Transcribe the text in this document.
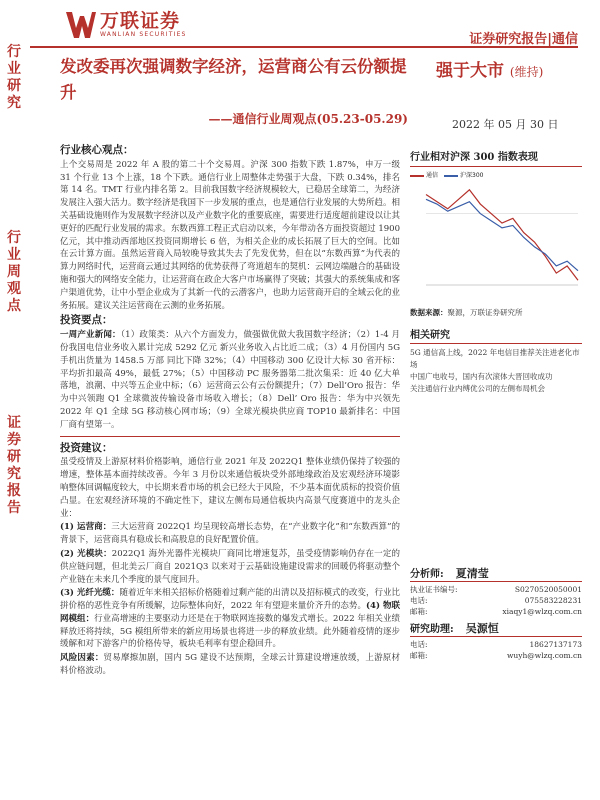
行业研究
行业周观点
证券研究报告
万联证券
WANLIAN SECURITIES	证券研究报告|通信
发改委再次强调数字经济，运营商公有云份额提升
——通信行业周观点(05.23-05.29)
强于大市 (维持)
2022 年 05 月 30 日
行业核心观点：

上个交易周是 2022 年 A 股的第二十个交易周。沪深 300 指数下跌 1.87%，申万一级 31 个行业 13 个上涨，18 个下跌。通信行业上周整体走势强于大盘，下跌 0.34%，排名第 14 名。TMT 行业内排名第 2。目前我国数字经济规模较大，已稳居全球第二，为经济发展注入强大活力。数字经济是我国下一步发展的重点，也是通信行业发展的大势所趋。相关基础设施则作为发展数字经济以及产业数字化的重要底座，需要进行适度超前建设以让其更好的匹配行业发展的需求。东数西算工程正式启动以来，今年带动各方面投资超过 1900 亿元，其中推动西部地区投资同期增长 6 倍，为相关企业的成长拓展了巨大的空间。比如在云计算方面。虽然运营商入局较晚导致其失去了先发优势，但在以“东数西算”为代表的算力网络时代，运营商云通过其网络的优势获得了弯道超车的契机：云网边端融合的基础设施和强大的网络安全能力，让运营商在政企大客户市场赢得了突破；其强大的系统集成和客户渠道优势，让中小型企业成为了其新一代的云潜客户，也助力运营商开启的全域云化的业务拓展。建议关注运营商在云测的业务拓展。

投资要点：

一周产业新闻：（1）政策类：从六个方面发力，做强做优做大我国数字经济；（2）1-4 月份我国电信业务收入累计完成 5292 亿元 新兴业务收入占比近二成；（3）4 月份国内 5G 手机出货量为 1458.5 万部 同比下降 32%；（4）中国移动 300 亿设计大标 30 省开标：平均折扣最高 49%，最低 27%；（5）中国移动 PC 服务器第二批次集采：近 40 亿大单落地，浪潮、中兴等五企业中标；（6）运营商云公有云份额提升；（7）Dell’Oro 报告：华为中兴领跑 Q1 全球微波传输设备市场收入增长；（8）Dell’ Oro 报告：华为中兴领先 2022 年 Q1 全球 5G 移动核心网市场；（9）全球光模块供应商 TOP10 最新排名：中国厂商有望第一。

投资建议：

虽受疫情及上游原材料价格影响，通信行业 2021 年及 2022Q1 整体业绩仍保持了较强的增速，整体基本面持续改善。今年 3 月份以来通信板块受外部地缘政治及宏观经济环境影响整体回调幅度较大，中长期来看市场的机会已经大于风险，不少基本面优质标的投资价值凸显。在宏观经济环境的不确定性下，建议左侧布局通信板块内高景气度赛道中的龙头企业：

(1) 运营商：三大运营商 2022Q1 均呈现较高增长态势，在“产业数字化”和“东数西算”的背景下，运营商具有稳成长和高股息的良好配置价值。

(2) 光模块：2022Q1 海外光器件光模块厂商同比增速复苏，虽受疫情影响仍存在一定的供应链问题，但北美云厂商自 2021Q3 以来对于云基础设施建设需求的回暖仍将驱动整个产业链在未来几个季度的景气度回升。

(3) 光纤光缆：随着近年来相关招标价格随着过剩产能的出清以及招标模式的改变，行业比拼价格的恶性竞争有所缓解，边际整体向好，2022 年有望迎来量价齐升的态势。(4) 物联网模组：行业高增速的主要驱动力还是在于物联网连接数的爆发式增长。2022 年相关业绩释放还将持续，5G 模组所带来的新应用场景也将进一步的释放业绩。此外随着疫情的逐步缓解和对下游客户的价格传导，板块毛利率有望企稳回升。

风险因素：贸易摩擦加剧，国内 5G 建设不达预期，全球云计算建设增速放缓，上游原材料价格波动。

行业相对沪深 300 指数表现
通信	沪深300
数据来源：聚源，万联证券研究所
相关研究
5G 通信高上线，2022 年电信目推荐关注进老化市场
中国广电收号，国内有次滚体大晋回收成功
关注通信行业内缚优公司的左侧布局机会
分析师: 夏清莹
执业证书编号:	S0270520050001
电话:	075583228231
邮箱:	xiaqy1@wlzq.com.cn
研究助理: 吴源恒
电话:	18627137173
邮箱:	wuyh@wlzq.com.cn
